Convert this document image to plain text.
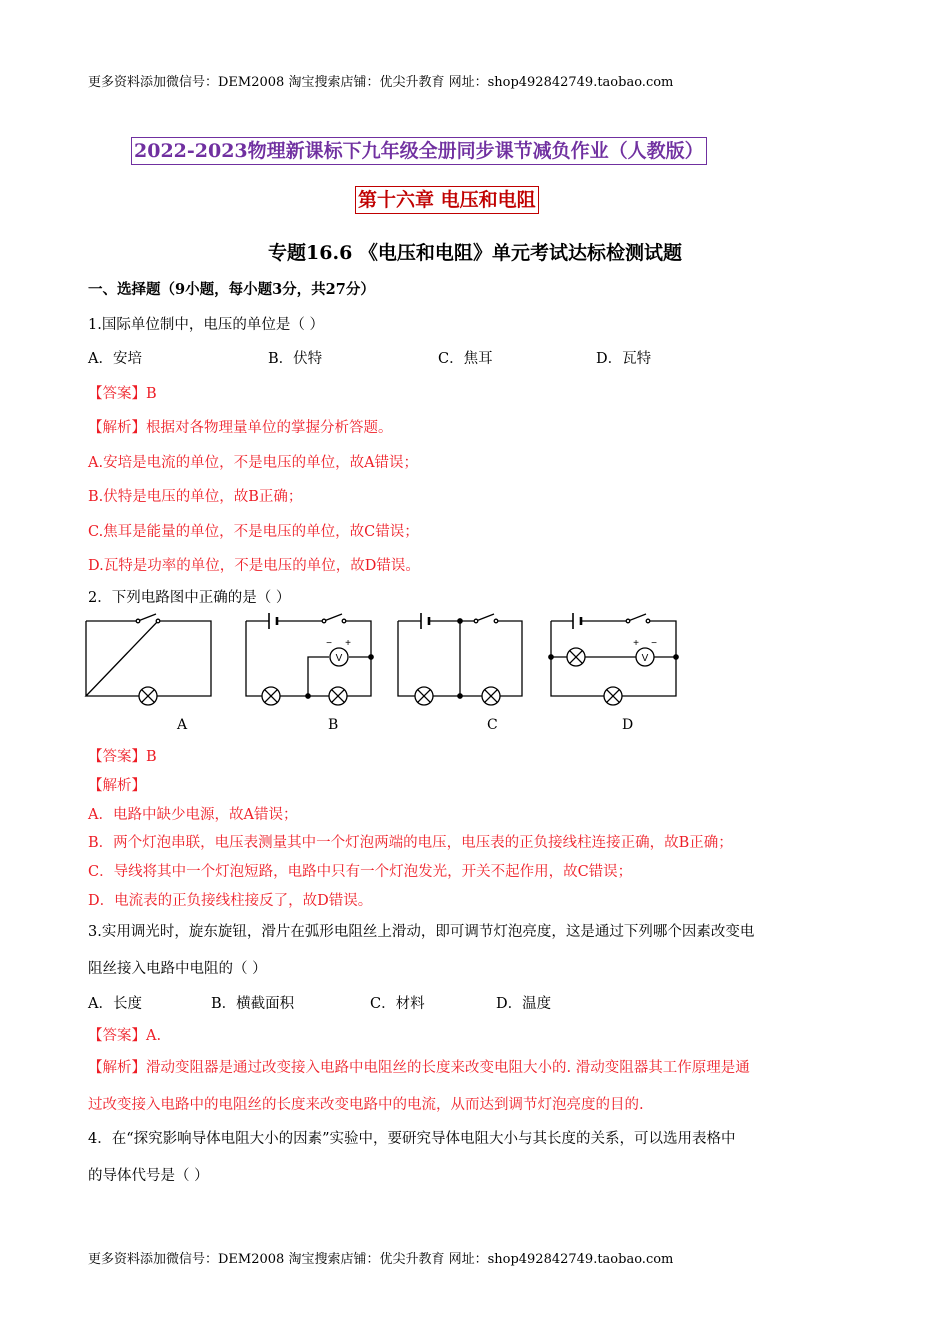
更多资料添加微信号：DEM2008 淘宝搜索店铺：优尖升教育 网址：shop492842749.taobao.com
2022-2023物理新课标下九年级全册同步课节减负作业（人教版）
第十六章 电压和电阻
专题16.6 《电压和电阻》单元考试达标检测试题
一、选择题（9小题，每小题3分，共27分）
1.国际单位制中，电压的单位是（ ）
A．安培	B．伏特	C．焦耳	D．瓦特
【答案】B
【解析】根据对各物理量单位的掌握分析答题。
A.安培是电流的单位，不是电压的单位，故A错误；
B.伏特是电压的单位，故B正确；
C.焦耳是能量的单位，不是电压的单位，故C错误；
D.瓦特是功率的单位，不是电压的单位，故D错误。
2．下列电路图中正确的是（ ）
V	V
− +	+ −
A	B	C	D
【答案】B
【解析】
A．电路中缺少电源，故A错误；
B．两个灯泡串联，电压表测量其中一个灯泡两端的电压，电压表的正负接线柱连接正确，故B正确；
C．导线将其中一个灯泡短路，电路中只有一个灯泡发光，开关不起作用，故C错误；
D．电流表的正负接线柱接反了，故D错误。
3.实用调光时，旋东旋钮，滑片在弧形电阻丝上滑动，即可调节灯泡亮度，这是通过下列哪个因素改变电
阻丝接入电路中电阻的（ ）
A．长度	B．横截面积	C．材料	D．温度
【答案】A.
【解析】滑动变阻器是通过改变接入电路中电阻丝的长度来改变电阻大小的. 滑动变阻器其工作原理是通
过改变接入电路中的电阻丝的长度来改变电路中的电流，从而达到调节灯泡亮度的目的.
4．在“探究影响导体电阻大小的因素”实验中，要研究导体电阻大小与其长度的关系，可以选用表格中
的导体代号是（ ）
更多资料添加微信号：DEM2008 淘宝搜索店铺：优尖升教育 网址：shop492842749.taobao.com
